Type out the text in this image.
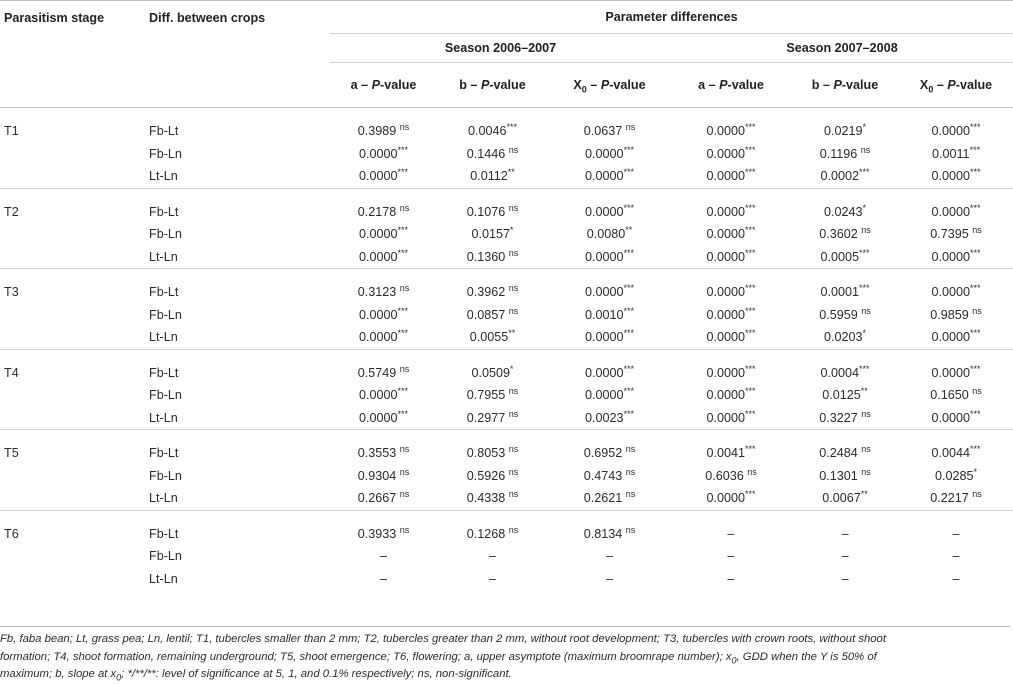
Parasitism stage	Diff. between crops	Parameter differences					
		Season 2006–2007			Season 2007–2008		
		a – P-value	b – P-value	$X_0$ – P-value	a – P-value	b – P-value	$X_0$ – P-value

T1	Fb-Lt	0.3989 $^{ns}$	0.0046***	0.0637 $^{ns}$	0.0000***	0.0219*	0.0000***
	Fb-Ln	0.0000***	0.1446 $^{ns}$	0.0000***	0.0000***	0.1196 $^{ns}$	0.0011***
	Lt-Ln	0.0000***	0.0112**	0.0000***	0.0000***	0.0002***	0.0000***

T2	Fb-Lt	0.2178 $^{ns}$	0.1076 $^{ns}$	0.0000***	0.0000***	0.0243*	0.0000***
	Fb-Ln	0.0000***	0.0157*	0.0080**	0.0000***	0.3602 $^{ns}$	0.7395 $^{ns}$
	Lt-Ln	0.0000***	0.1360 $^{ns}$	0.0000***	0.0000***	0.0005***	0.0000***

T3	Fb-Lt	0.3123 $^{ns}$	0.3962 $^{ns}$	0.0000***	0.0000***	0.0001***	0.0000***
	Fb-Ln	0.0000***	0.0857 $^{ns}$	0.0010***	0.0000***	0.5959 $^{ns}$	0.9859 $^{ns}$
	Lt-Ln	0.0000***	0.0055**	0.0000***	0.0000***	0.0203*	0.0000***

T4	Fb-Lt	0.5749 $^{ns}$	0.0509*	0.0000***	0.0000***	0.0004***	0.0000***
	Fb-Ln	0.0000***	0.7955 $^{ns}$	0.0000***	0.0000***	0.0125**	0.1650 $^{ns}$
	Lt-Ln	0.0000***	0.2977 $^{ns}$	0.0023***	0.0000***	0.3227 $^{ns}$	0.0000***

T5	Fb-Lt	0.3553 $^{ns}$	0.8053 $^{ns}$	0.6952 $^{ns}$	0.0041***	0.2484 $^{ns}$	0.0044***
	Fb-Ln	0.9304 $^{ns}$	0.5926 $^{ns}$	0.4743 $^{ns}$	0.6036 $^{ns}$	0.1301 $^{ns}$	0.0285*
	Lt-Ln	0.2667 $^{ns}$	0.4338 $^{ns}$	0.2621 $^{ns}$	0.0000***	0.0067**	0.2217 $^{ns}$

T6	Fb-Lt	0.3933 $^{ns}$	0.1268 $^{ns}$	0.8134 $^{ns}$	–	–	–
	Fb-Ln	–	–	–	–	–	–
	Lt-Ln	–	–	–	–	–	–
Fb, faba bean; Lt, grass pea; Ln, lentil; T1, tubercles smaller than 2 mm; T2, tubercles greater than 2 mm, without root development; T3, tubercles with crown roots, without shoot
formation; T4, shoot formation, remaining underground; T5, shoot emergence; T6, flowering; a, upper asymptote (maximum broomrape number); $x_0$, GDD when the Y is 50% of
maximum; b, slope at $x_0$; */**/**: level of significance at 5, 1, and 0.1% respectively; ns, non-significant.
